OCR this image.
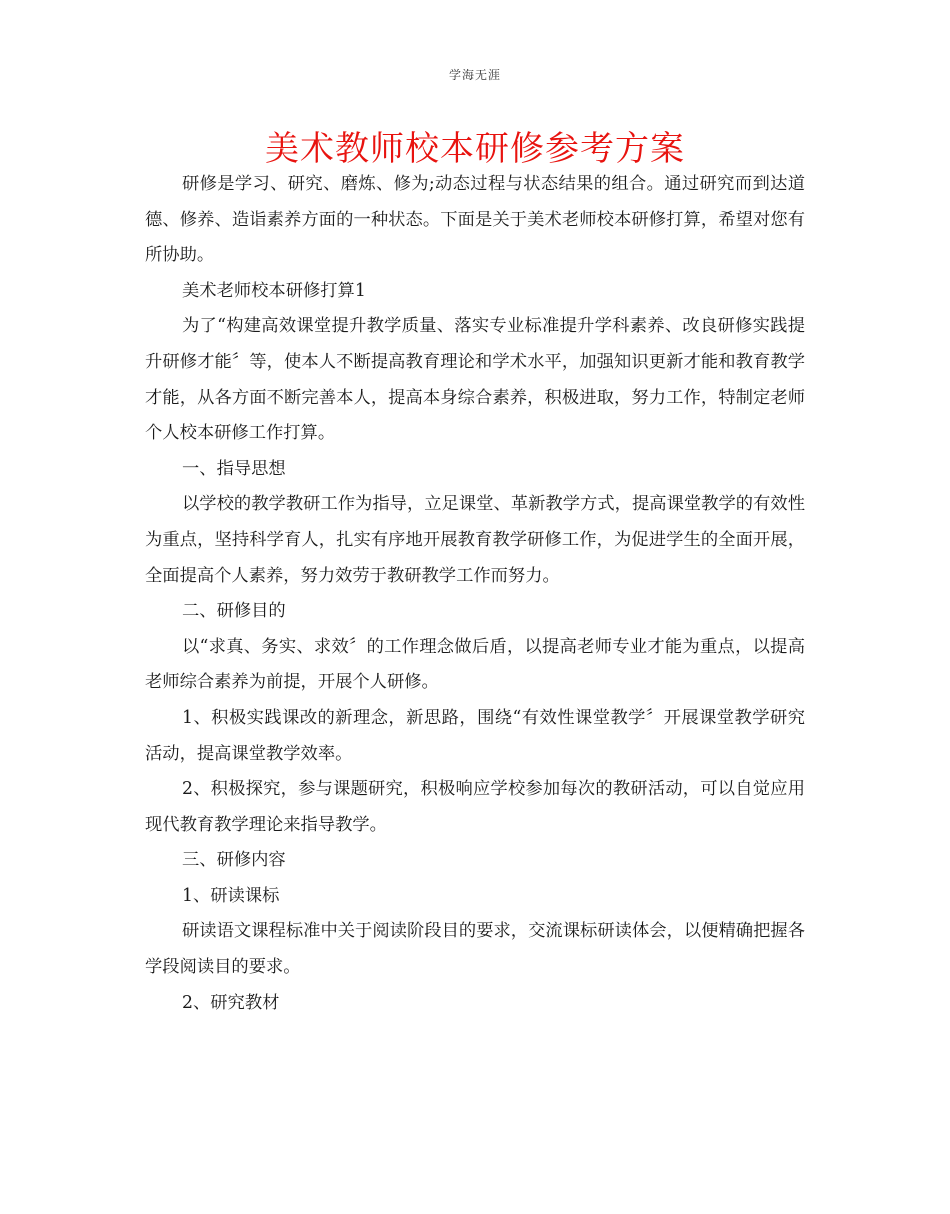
学海无涯
美术教师校本研修参考方案

研修是学习、研究、磨炼、修为;动态过程与状态结果的组合。通过研究而到达道德、修养、造诣素养方面的一种状态。下面是关于美术老师校本研修打算，希望对您有所协助。

美术老师校本研修打算1

为了“构建高效课堂提升教学质量、落实专业标准提升学科素养、改良研修实践提升研修才能〞等，使本人不断提高教育理论和学术水平，加强知识更新才能和教育教学才能，从各方面不断完善本人，提高本身综合素养，积极进取，努力工作，特制定老师个人校本研修工作打算。

一、指导思想

以学校的教学教研工作为指导，立足课堂、革新教学方式，提高课堂教学的有效性为重点，坚持科学育人，扎实有序地开展教育教学研修工作，为促进学生的全面开展，全面提高个人素养，努力效劳于教研教学工作而努力。

二、研修目的

以“求真、务实、求效〞的工作理念做后盾，以提高老师专业才能为重点，以提高老师综合素养为前提，开展个人研修。

1、积极实践课改的新理念，新思路，围绕“有效性课堂教学〞开展课堂教学研究活动，提高课堂教学效率。

2、积极探究，参与课题研究，积极响应学校参加每次的教研活动，可以自觉应用现代教育教学理论来指导教学。

三、研修内容

1、研读课标

研读语文课程标准中关于阅读阶段目的要求，交流课标研读体会，以便精确把握各学段阅读目的要求。

2、研究教材
